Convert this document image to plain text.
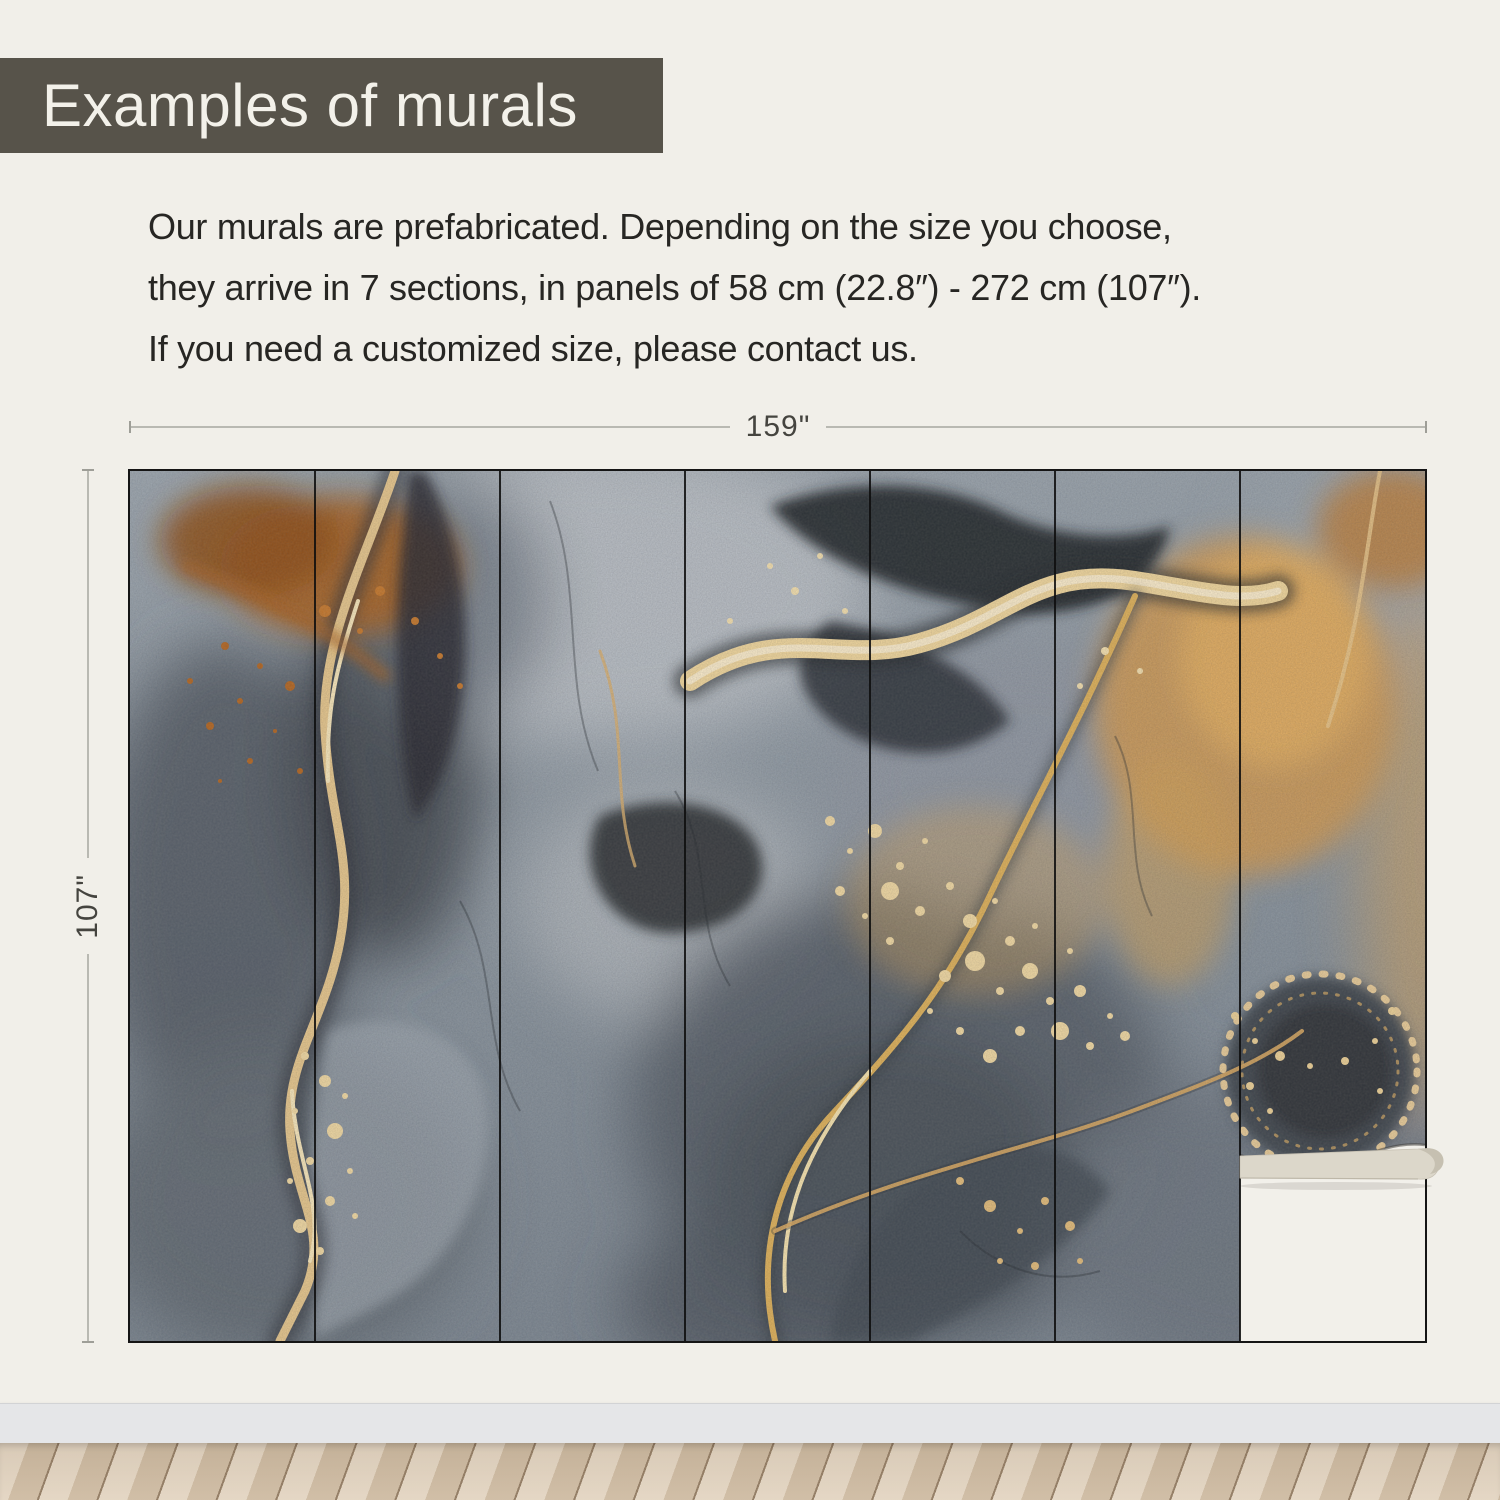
Examples of murals

Our murals are prefabricated. Depending on the size you choose,

they arrive in 7 sections, in panels of 58 cm (22.8″) - 272 cm (107″).

If you need a customized size, please contact us.

159"
107"
